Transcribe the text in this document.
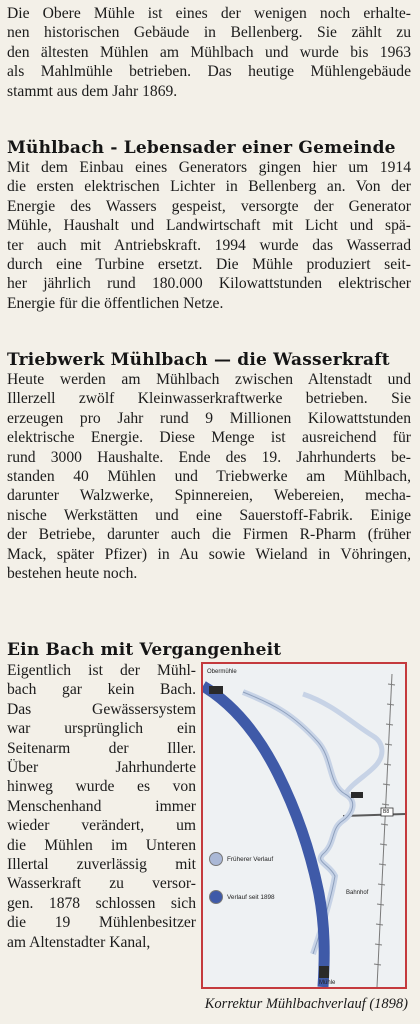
Die Obere Mühle ist eines der wenigen noch erhalte-
nen historischen Gebäude in Bellenberg. Sie zählt zu
den ältesten Mühlen am Mühlbach und wurde bis 1963
als Mahlmühle betrieben. Das heutige Mühlengebäude
stammt aus dem Jahr 1869.
Mühlbach - Lebensader einer Gemeinde
Mit dem Einbau eines Generators gingen hier um 1914
die ersten elektrischen Lichter in Bellenberg an. Von der
Energie des Wassers gespeist, versorgte der Generator
Mühle, Haushalt und Landwirtschaft mit Licht und spä-
ter auch mit Antriebskraft. 1994 wurde das Wasserrad
durch eine Turbine ersetzt. Die Mühle produziert seit-
her jährlich rund 180.000 Kilowattstunden elektrischer
Energie für die öffentlichen Netze.
Triebwerk Mühlbach — die Wasserkraft
Heute werden am Mühlbach zwischen Altenstadt und
Illerzell zwölf Kleinwasserkraftwerke betrieben. Sie
erzeugen pro Jahr rund 9 Millionen Kilowattstunden
elektrische Energie. Diese Menge ist ausreichend für
rund 3000 Haushalte. Ende des 19. Jahrhunderts be-
standen 40 Mühlen und Triebwerke am Mühlbach,
darunter Walzwerke, Spinnereien, Webereien, mecha-
nische Werkstätten und eine Sauerstoff-Fabrik. Einige
der Betriebe, darunter auch die Firmen R-Pharm (früher
Mack, später Pfizer) in Au sowie Wieland in Vöhringen,
bestehen heute noch.
Ein Bach mit Vergangenheit
Eigentlich ist der Mühl-
bach gar kein Bach.
Das Gewässersystem
war ursprünglich ein
Seitenarm der Iller.
Über Jahrhunderte
hinweg wurde es von
Menschenhand immer
wieder verändert, um
die Mühlen im Unteren
Illertal zuverlässig mit
Wasserkraft zu versor-
gen. 1878 schlossen sich
die 19 Mühlenbesitzer
am Altenstadter Kanal,
Obermühle
B8
Bahnhof
Mühle
Früherer Verlauf
Verlauf seit 1898
Korrektur Mühlbachverlauf (1898)
